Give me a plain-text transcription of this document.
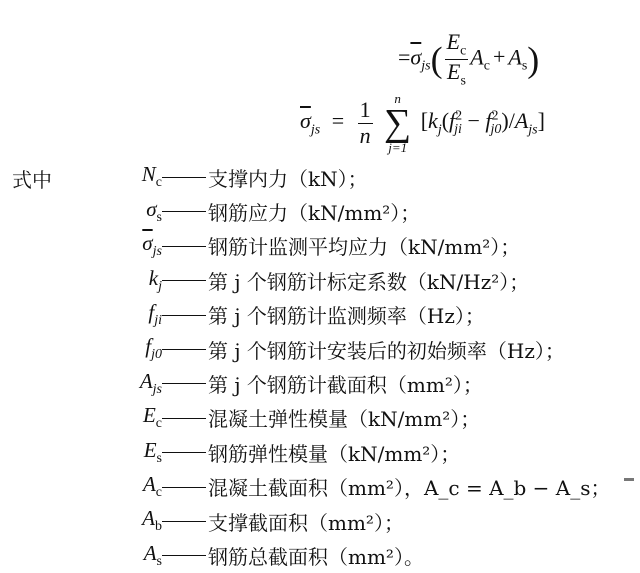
$=\overline{\sigma}_{js}( \frac{E_c}{E_s} A_c + A_s)$
$\overline{\sigma}_{js} = \frac{1}{n}$
n
∑
j=1
$[k_j(f^2_{ji} - f^2_{j0})/A_{js}]$
$N_c$ 支撑内力（kN）；
$\sigma_s$ 钢筋应力（kN/mm²）；
$\overline{\sigma}_{js}$ 钢筋计监测平均应力（kN/mm²）；
$k_j$ 第 j 个钢筋计标定系数（kN/Hz²）；
$f_{ji}$ 第 j 个钢筋计监测频率（Hz）；
$f_{j0}$ 第 j 个钢筋计安装后的初始频率（Hz）；
$A_{js}$ 第 j 个钢筋计截面积（mm²）；
$E_c$ 混凝土弹性模量（kN/mm²）；
$E_s$ 钢筋弹性模量（kN/mm²）；
$A_c$ 混凝土截面积（mm²），A_c = A_b − A_s；
$A_b$ 支撑截面积（mm²）；
$A_s$ 钢筋总截面积（mm²）。
式中
